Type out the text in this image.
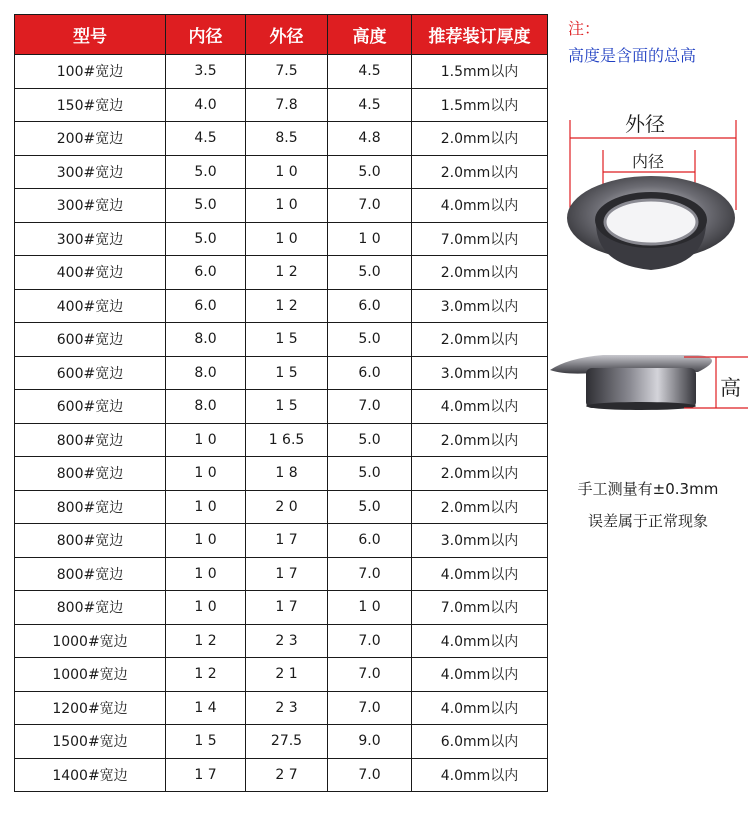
型号	内径	外径	高度	推荐装订厚度
100#宽边	3.5	7.5	4.5	1.5mm以内
150#宽边	4.0	7.8	4.5	1.5mm以内
200#宽边	4.5	8.5	4.8	2.0mm以内
300#宽边	5.0	1 0	5.0	2.0mm以内
300#宽边	5.0	1 0	7.0	4.0mm以内
300#宽边	5.0	1 0	1 0	7.0mm以内
400#宽边	6.0	1 2	5.0	2.0mm以内
400#宽边	6.0	1 2	6.0	3.0mm以内
600#宽边	8.0	1 5	5.0	2.0mm以内
600#宽边	8.0	1 5	6.0	3.0mm以内
600#宽边	8.0	1 5	7.0	4.0mm以内
800#宽边	1 0	1 6.5	5.0	2.0mm以内
800#宽边	1 0	1 8	5.0	2.0mm以内
800#宽边	1 0	2 0	5.0	2.0mm以内
800#宽边	1 0	1 7	6.0	3.0mm以内
800#宽边	1 0	1 7	7.0	4.0mm以内
800#宽边	1 0	1 7	1 0	7.0mm以内
1000#宽边	1 2	2 3	7.0	4.0mm以内
1000#宽边	1 2	2 1	7.0	4.0mm以内
1200#宽边	1 4	2 3	7.0	4.0mm以内
1500#宽边	1 5	27.5	9.0	6.0mm以内
1400#宽边	1 7	2 7	7.0	4.0mm以内
注：
高度是含面的总高
外径
内径
高
手工测量有±0.3mm
误差属于正常现象
